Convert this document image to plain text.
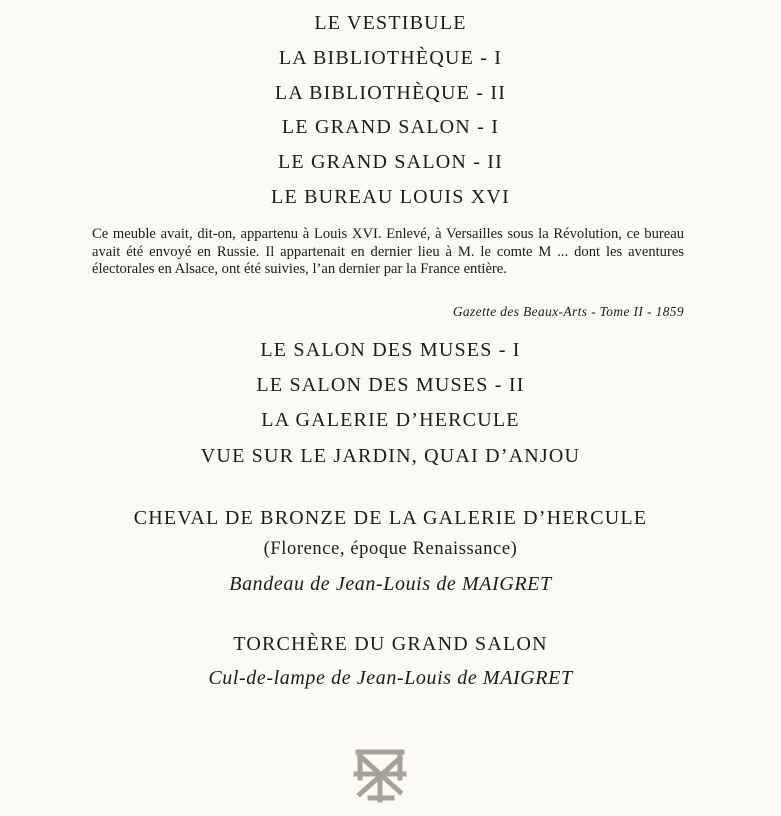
LE VESTIBULE
LA BIBLIOTHÈQUE - I
LA BIBLIOTHÈQUE - II
LE GRAND SALON - I
LE GRAND SALON - II
LE BUREAU LOUIS XVI
Ce meuble avait, dit-on, appartenu à Louis XVI. Enlevé, à Versailles sous la Révolution, ce bureau avait été envoyé en Russie. Il appartenait en dernier lieu à M. le comte M ... dont les aventures électorales en Alsace, ont été suivies, l’an dernier par la France entière.
Gazette des Beaux-Arts - Tome II - 1859
LE SALON DES MUSES - I
LE SALON DES MUSES - II
LA GALERIE D’HERCULE
VUE SUR LE JARDIN, QUAI D’ANJOU
CHEVAL DE BRONZE DE LA GALERIE D’HERCULE
(Florence, époque Renaissance)
Bandeau de Jean-Louis de MAIGRET
TORCHÈRE DU GRAND SALON
Cul-de-lampe de Jean-Louis de MAIGRET
